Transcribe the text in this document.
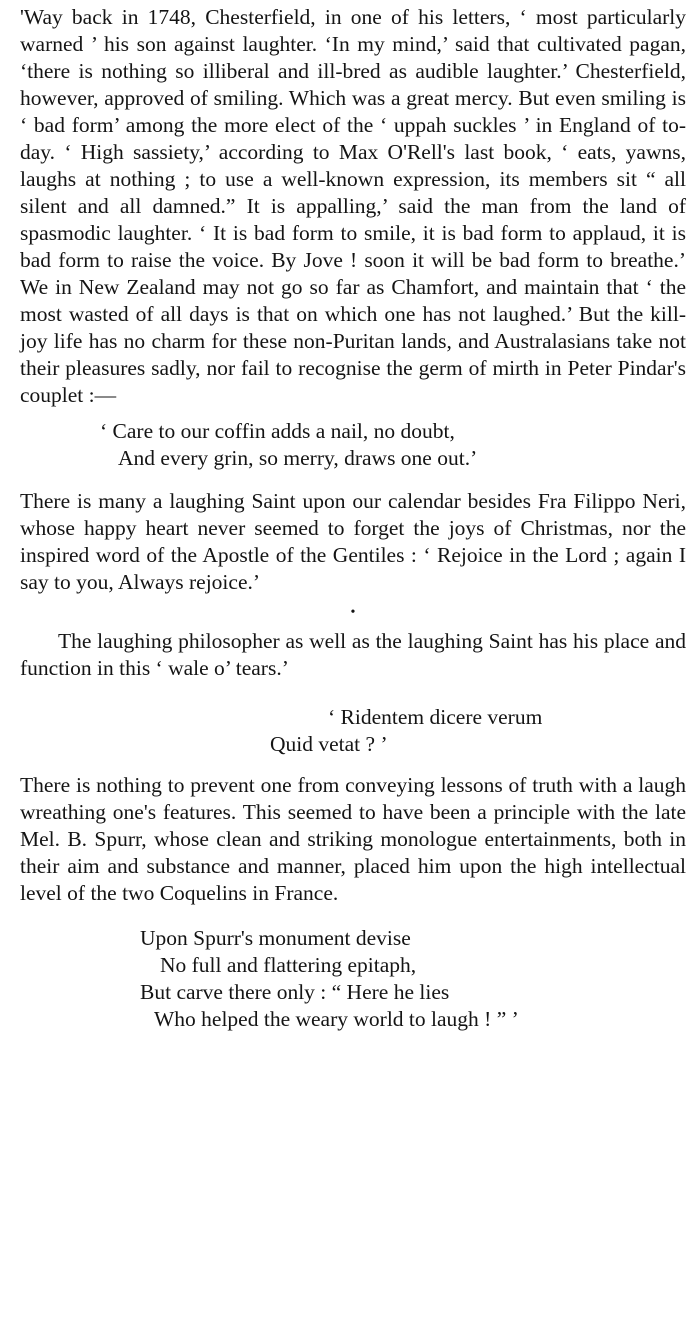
'Way back in 1748, Chesterfield, in one of his letters, ‘ most particularly warned ’ his son against laughter. ‘In my mind,’ said that cultivated pagan, ‘there is nothing so illiberal and ill-bred as audible laughter.’ Chesterfield, however, approved of smiling. Which was a great mercy. But even smiling is ‘ bad form’ among the more elect of the ‘ uppah suckles ’ in England of to-day. ‘ High sassiety,’ according to Max O'Rell's last book, ‘ eats, yawns, laughs at nothing ; to use a well-known expression, its members sit “ all silent and all damned.” It is appalling,’ said the man from the land of spasmodic laughter. ‘ It is bad form to smile, it is bad form to applaud, it is bad form to raise the voice. By Jove ! soon it will be bad form to breathe.’ We in New Zealand may not go so far as Chamfort, and maintain that ‘ the most wasted of all days is that on which one has not laughed.’ But the kill-joy life has no charm for these non-Puritan lands, and Australasians take not their pleasures sadly, nor fail to recognise the germ of mirth in Peter Pindar's couplet :—

‘ Care to our coffin adds a nail, no doubt,
And every grin, so merry, draws one out.’

There is many a laughing Saint upon our calendar besides Fra Filippo Neri, whose happy heart never seemed to forget the joys of Christmas, nor the inspired word of the Apostle of the Gentiles : ‘ Rejoice in the Lord ; again I say to you, Always rejoice.’

•

The laughing philosopher as well as the laughing Saint has his place and function in this ‘ wale o’ tears.’

‘ Ridentem dicere verum
Quid vetat ? ’

There is nothing to prevent one from conveying lessons of truth with a laugh wreathing one's features. This seemed to have been a principle with the late Mel. B. Spurr, whose clean and striking monologue entertainments, both in their aim and substance and manner, placed him upon the high intellectual level of the two Coquelins in France.

Upon Spurr's monument devise
No full and flattering epitaph,
But carve there only : “ Here he lies
Who helped the weary world to laugh ! ” ’
